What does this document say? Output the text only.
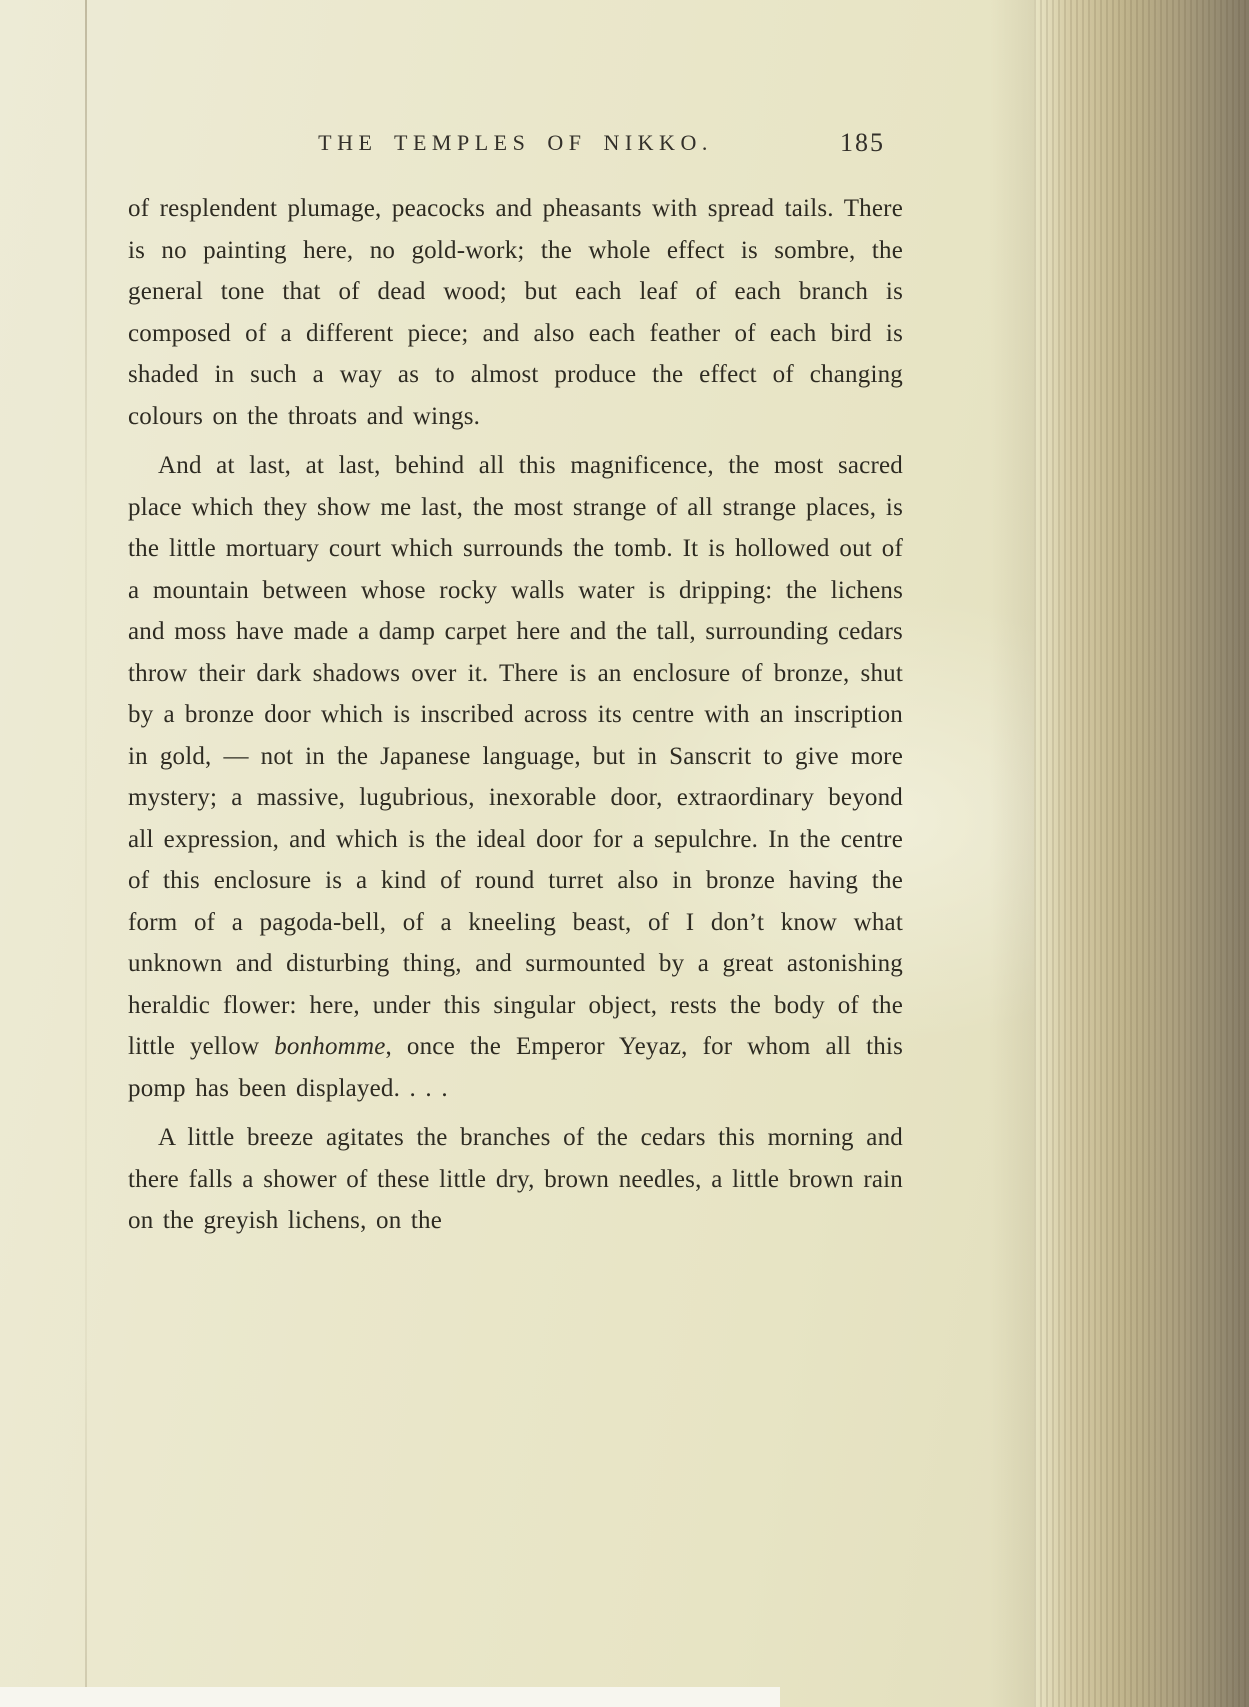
THE TEMPLES OF NIKKO.	185

of resplendent plumage, peacocks and pheasants with spread tails. There is no painting here, no gold-work; the whole effect is sombre, the general tone that of dead wood; but each leaf of each branch is composed of a different piece; and also each feather of each bird is shaded in such a way as to almost produce the effect of changing colours on the throats and wings.

And at last, at last, behind all this magnificence, the most sacred place which they show me last, the most strange of all strange places, is the little mortuary court which surrounds the tomb. It is hollowed out of a mountain between whose rocky walls water is dripping: the lichens and moss have made a damp carpet here and the tall, surrounding cedars throw their dark shadows over it. There is an enclosure of bronze, shut by a bronze door which is inscribed across its centre with an inscription in gold, — not in the Japanese language, but in Sanscrit to give more mystery; a massive, lugubrious, inexorable door, extraordinary beyond all expression, and which is the ideal door for a sepulchre. In the centre of this enclosure is a kind of round turret also in bronze having the form of a pagoda-bell, of a kneeling beast, of I don’t know what unknown and disturbing thing, and surmounted by a great astonishing heraldic flower: here, under this singular object, rests the body of the little yellow bonhomme, once the Emperor Yeyaz, for whom all this pomp has been displayed. . . .

A little breeze agitates the branches of the cedars this morning and there falls a shower of these little dry, brown needles, a little brown rain on the greyish lichens, on the
